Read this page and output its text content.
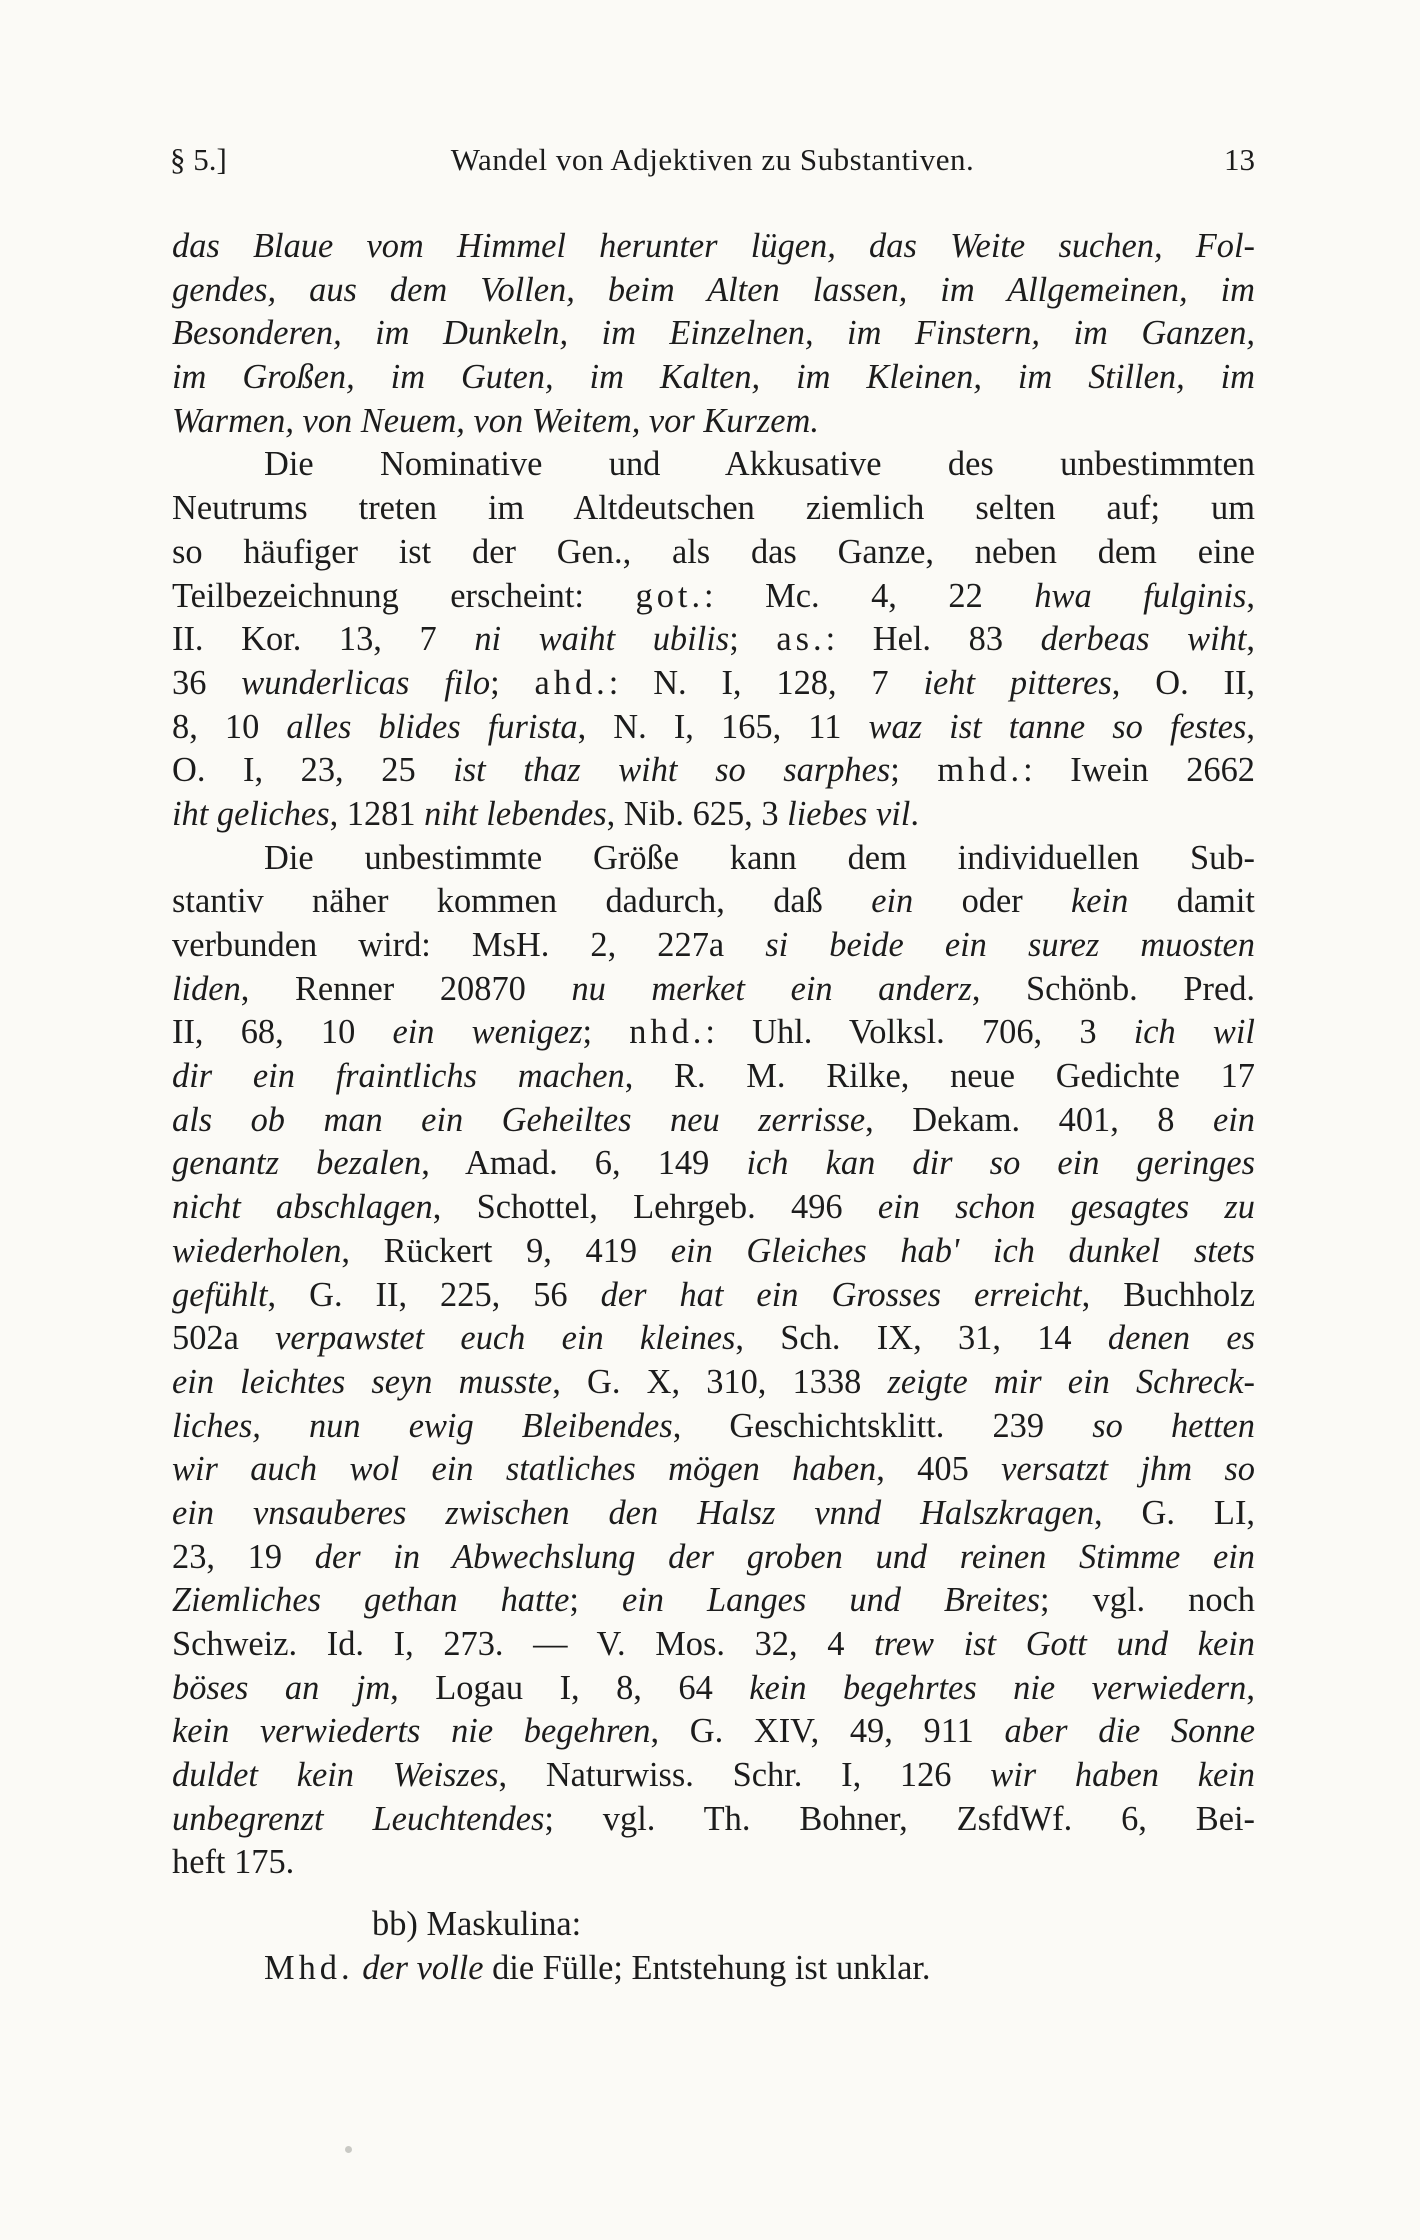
§ 5.]	Wandel von Adjektiven zu Substantiven.	13
das Blaue vom Himmel herunter lügen, das Weite suchen, Fol-
gendes, aus dem Vollen, beim Alten lassen, im Allgemeinen, im
Besonderen, im Dunkeln, im Einzelnen, im Finstern, im Ganzen,
im Großen, im Guten, im Kalten, im Kleinen, im Stillen, im
Warmen, von Neuem, von Weitem, vor Kurzem.
Die Nominative und Akkusative des unbestimmten
Neutrums treten im Altdeutschen ziemlich selten auf; um
so häufiger ist der Gen., als das Ganze, neben dem eine
Teilbezeichnung erscheint: got.: Mc. 4, 22 hwa fulginis,
II. Kor. 13, 7 ni waiht ubilis; as.: Hel. 83 derbeas wiht,
36 wunderlicas filo; ahd.: N. I, 128, 7 ieht pitteres, O. II,
8, 10 alles blides furista, N. I, 165, 11 waz ist tanne so festes,
O. I, 23, 25 ist thaz wiht so sarphes; mhd.: Iwein 2662
iht geliches, 1281 niht lebendes, Nib. 625, 3 liebes vil.
Die unbestimmte Größe kann dem individuellen Sub-
stantiv näher kommen dadurch, daß ein oder kein damit
verbunden wird: MsH. 2, 227a si beide ein surez muosten
liden, Renner 20870 nu merket ein anderz, Schönb. Pred.
II, 68, 10 ein wenigez; nhd.: Uhl. Volksl. 706, 3 ich wil
dir ein fraintlichs machen, R. M. Rilke, neue Gedichte 17
als ob man ein Geheiltes neu zerrisse, Dekam. 401, 8 ein
genantz bezalen, Amad. 6, 149 ich kan dir so ein geringes
nicht abschlagen, Schottel, Lehrgeb. 496 ein schon gesagtes zu
wiederholen, Rückert 9, 419 ein Gleiches hab' ich dunkel stets
gefühlt, G. II, 225, 56 der hat ein Grosses erreicht, Buchholz
502a verpawstet euch ein kleines, Sch. IX, 31, 14 denen es
ein leichtes seyn musste, G. X, 310, 1338 zeigte mir ein Schreck-
liches, nun ewig Bleibendes, Geschichtsklitt. 239 so hetten
wir auch wol ein statliches mögen haben, 405 versatzt jhm so
ein vnsauberes zwischen den Halsz vnnd Halszkragen, G. LI,
23, 19 der in Abwechslung der groben und reinen Stimme ein
Ziemliches gethan hatte; ein Langes und Breites; vgl. noch
Schweiz. Id. I, 273. — V. Mos. 32, 4 trew ist Gott und kein
böses an jm, Logau I, 8, 64 kein begehrtes nie verwiedern,
kein verwiederts nie begehren, G. XIV, 49, 911 aber die Sonne
duldet kein Weiszes, Naturwiss. Schr. I, 126 wir haben kein
unbegrenzt Leuchtendes; vgl. Th. Bohner, ZsfdWf. 6, Bei-
heft 175.
bb) Maskulina:
Mhd. der volle die Fülle; Entstehung ist unklar.
